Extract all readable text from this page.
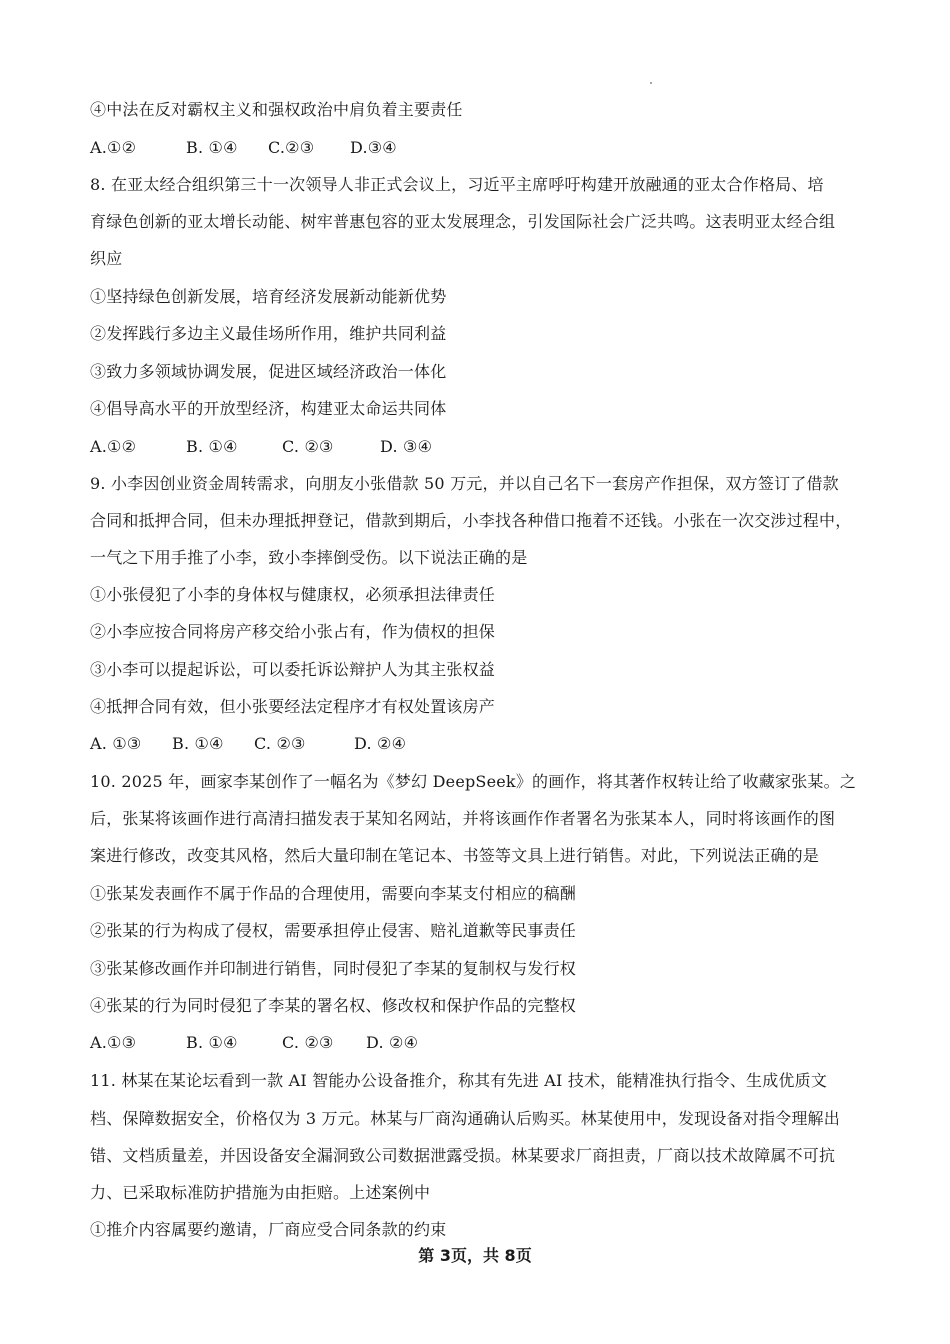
④中法在反对霸权主义和强权政治中肩负着主要责任
A.①②	B. ①④ C.②③ D.③④
8. 在亚太经合组织第三十一次领导人非正式会议上，习近平主席呼吁构建开放融通的亚太合作格局、培
育绿色创新的亚太增长动能、树牢普惠包容的亚太发展理念，引发国际社会广泛共鸣。这表明亚太经合组
织应
①坚持绿色创新发展，培育经济发展新动能新优势
②发挥践行多边主义最佳场所作用，维护共同利益
③致力多领域协调发展，促进区域经济政治一体化
④倡导高水平的开放型经济，构建亚太命运共同体
A.①②	B. ①④	C. ②③	D. ③④
9. 小李因创业资金周转需求，向朋友小张借款 50 万元，并以自己名下一套房产作担保，双方签订了借款
合同和抵押合同，但未办理抵押登记，借款到期后，小李找各种借口拖着不还钱。小张在一次交涉过程中，
一气之下用手推了小李，致小李摔倒受伤。以下说法正确的是
①小张侵犯了小李的身体权与健康权，必须承担法律责任
②小李应按合同将房产移交给小张占有，作为债权的担保
③小李可以提起诉讼，可以委托诉讼辩护人为其主张权益
④抵押合同有效，但小张要经法定程序才有权处置该房产
A. ①③ B. ①④ C. ②③	D. ②④
10. 2025 年，画家李某创作了一幅名为《梦幻 DeepSeek》的画作，将其著作权转让给了收藏家张某。之
后，张某将该画作进行高清扫描发表于某知名网站，并将该画作作者署名为张某本人，同时将该画作的图
案进行修改，改变其风格，然后大量印制在笔记本、书签等文具上进行销售。对此，下列说法正确的是
①张某发表画作不属于作品的合理使用，需要向李某支付相应的稿酬
②张某的行为构成了侵权，需要承担停止侵害、赔礼道歉等民事责任
③张某修改画作并印制进行销售，同时侵犯了李某的复制权与发行权
④张某的行为同时侵犯了李某的署名权、修改权和保护作品的完整权
A.①③	B. ①④	C. ②③ D. ②④
11. 林某在某论坛看到一款 AI 智能办公设备推介，称其有先进 AI 技术，能精准执行指令、生成优质文
档、保障数据安全，价格仅为 3 万元。林某与厂商沟通确认后购买。林某使用中，发现设备对指令理解出
错、文档质量差，并因设备安全漏洞致公司数据泄露受损。林某要求厂商担责，厂商以技术故障属不可抗
力、已采取标准防护措施为由拒赔。上述案例中
①推介内容属要约邀请，厂商应受合同条款的约束
第 3页，共 8页
